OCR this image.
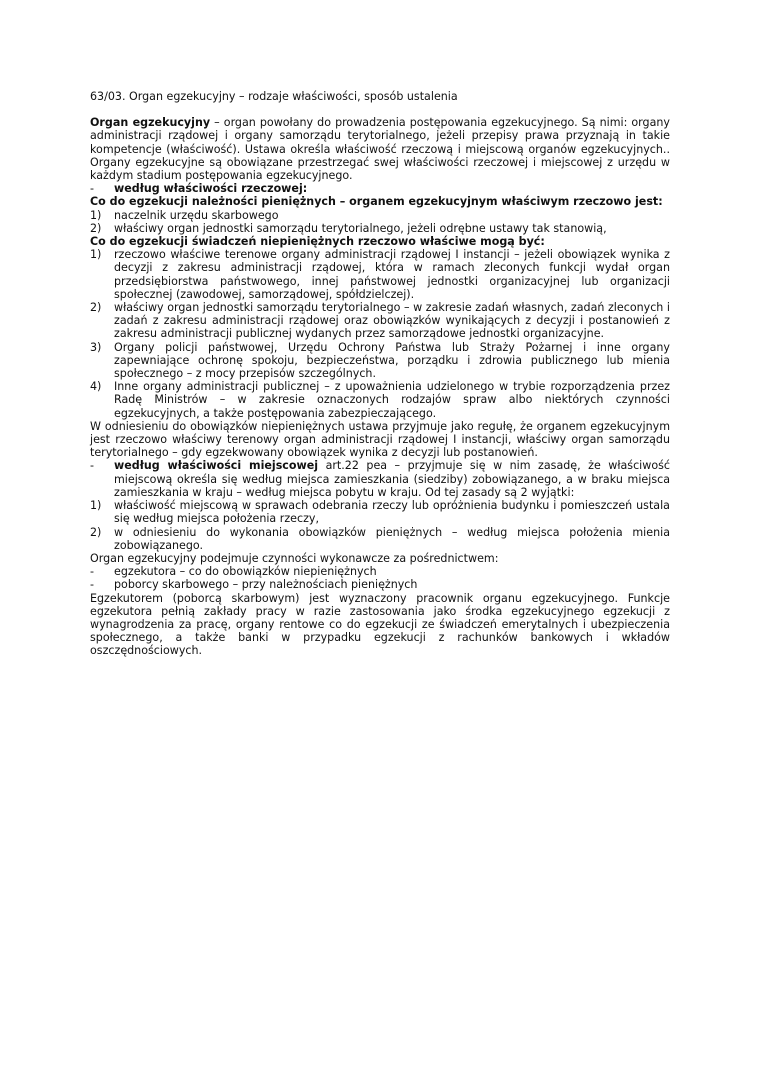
63/03. Organ egzekucyjny – rodzaje właściwości, sposób ustalenia

Organ egzekucyjny – organ powołany do prowadzenia postępowania egzekucyjnego. Są nimi: organy administracji rządowej i organy samorządu terytorialnego, jeżeli przepisy prawa przyznają in takie kompetencje (właściwość). Ustawa określa właściwość rzeczową i miejscową organów egzekucyjnych.. Organy egzekucyjne są obowiązane przestrzegać swej właściwości rzeczowej i miejscowej z urzędu w każdym stadium postępowania egzekucyjnego.

-	według właściwości rzeczowej:

Co do egzekucji należności pieniężnych – organem egzekucyjnym właściwym rzeczowo jest:

1)	naczelnik urzędu skarbowego
2)	właściwy organ jednostki samorządu terytorialnego, jeżeli odrębne ustawy tak stanowią,

Co do egzekucji świadczeń niepieniężnych rzeczowo właściwe mogą być:

1)	rzeczowo właściwe terenowe organy administracji rządowej I instancji – jeżeli obowiązek wynika z decyzji z zakresu administracji rządowej, która w ramach zleconych funkcji wydał organ przedsiębiorstwa państwowego, innej państwowej jednostki organizacyjnej lub organizacji społecznej (zawodowej, samorządowej, spółdzielczej).
2)	właściwy organ jednostki samorządu terytorialnego – w zakresie zadań własnych, zadań zleconych i zadań z zakresu administracji rządowej oraz obowiązków wynikających z decyzji i postanowień z zakresu administracji publicznej wydanych przez samorządowe jednostki organizacyjne.
3)	Organy policji państwowej, Urzędu Ochrony Państwa lub Straży Pożarnej i inne organy zapewniające ochronę spokoju, bezpieczeństwa, porządku i zdrowia publicznego lub mienia społecznego – z mocy przepisów szczególnych.
4)	Inne organy administracji publicznej – z upoważnienia udzielonego w trybie rozporządzenia przez Radę Ministrów – w zakresie oznaczonych rodzajów spraw albo niektórych czynności egzekucyjnych, a także postępowania zabezpieczającego.

W odniesieniu do obowiązków niepieniężnych ustawa przyjmuje jako regułę, że organem egzekucyjnym jest rzeczowo właściwy terenowy organ administracji rządowej I instancji, właściwy organ samorządu terytorialnego – gdy egzekwowany obowiązek wynika z decyzji lub postanowień.

-	według właściwości miejscowej art.22 pea – przyjmuje się w nim zasadę, że właściwość miejscową określa się według miejsca zamieszkania (siedziby) zobowiązanego, a w braku miejsca zamieszkania w kraju – według miejsca pobytu w kraju. Od tej zasady są 2 wyjątki:
1)	właściwość miejscową w sprawach odebrania rzeczy lub opróżnienia budynku i pomieszczeń ustala się według miejsca położenia rzeczy,
2)	w odniesieniu do wykonania obowiązków pieniężnych – według miejsca położenia mienia zobowiązanego.

Organ egzekucyjny podejmuje czynności wykonawcze za pośrednictwem:

-	egzekutora – co do obowiązków niepieniężnych
-	poborcy skarbowego – przy należnościach pieniężnych

Egzekutorem (poborcą skarbowym) jest wyznaczony pracownik organu egzekucyjnego. Funkcje egzekutora pełnią zakłady pracy w razie zastosowania jako środka egzekucyjnego egzekucji z wynagrodzenia za pracę, organy rentowe co do egzekucji ze świadczeń emerytalnych i ubezpieczenia społecznego, a także banki w przypadku egzekucji z rachunków bankowych i wkładów oszczędnościowych.
